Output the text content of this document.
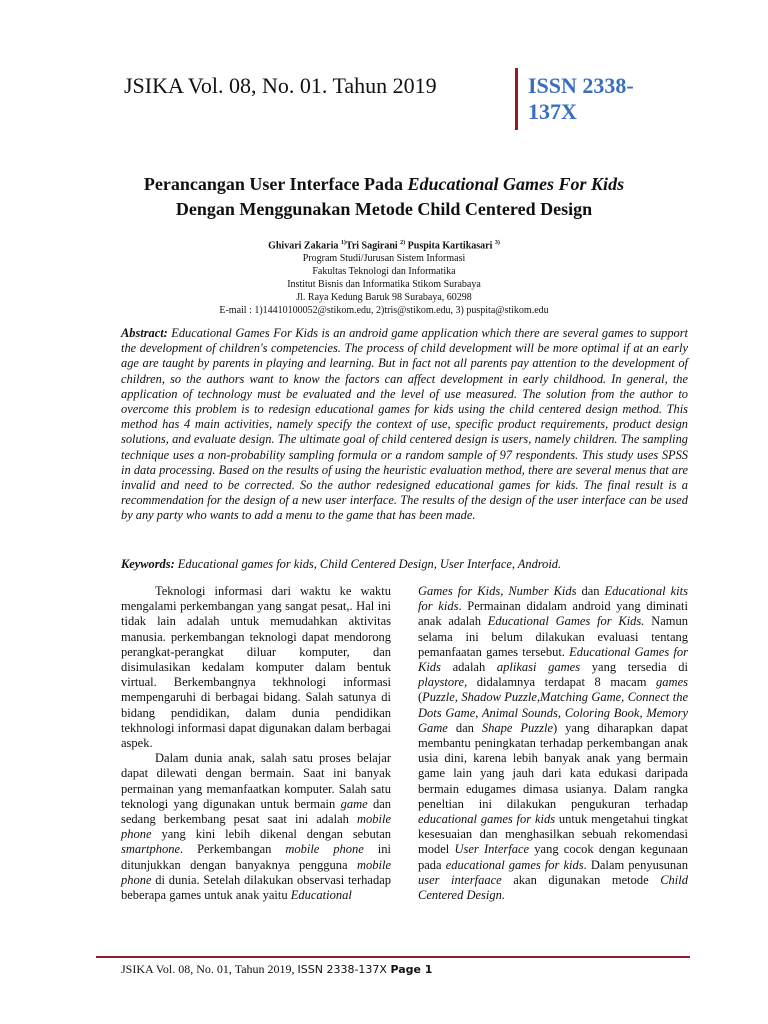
JSIKA Vol. 08, No. 01. Tahun 2019	ISSN 2338-
137X
Perancangan User Interface Pada Educational Games For Kids
Dengan Menggunakan Metode Child Centered Design
Ghivari Zakaria $^{1)}$Tri Sagirani $^{2)}$ Puspita Kartikasari $^{3)}$
Program Studi/Jurusan Sistem Informasi
Fakultas Teknologi dan Informatika
Institut Bisnis dan Informatika Stikom Surabaya
Jl. Raya Kedung Baruk 98 Surabaya, 60298
E-mail : 1)14410100052@stikom.edu, 2)tris@stikom.edu, 3) puspita@stikom.edu
Abstract: Educational Games For Kids is an android game application which there are several games to support the development of children's competencies. The process of child development will be more optimal if at an early age are taught by parents in playing and learning. But in fact not all parents pay attention to the development of children, so the authors want to know the factors can affect development in early childhood. In general, the application of technology must be evaluated and the level of use measured. The solution from the author to overcome this problem is to redesign educational games for kids using the child centered design method. This method has 4 main activities, namely specify the context of use, specific product requirements, product design solutions, and evaluate design. The ultimate goal of child centered design is users, namely children. The sampling technique uses a non-probability sampling formula or a random sample of 97 respondents. This study uses SPSS in data processing. Based on the results of using the heuristic evaluation method, there are several menus that are invalid and need to be corrected. So the author redesigned educational games for kids. The final result is a recommendation for the design of a new user interface. The results of the design of the user interface can be used by any party who wants to add a menu to the game that has been made.
Keywords: Educational games for kids, Child Centered Design, User Interface, Android.

Teknologi informasi dari waktu ke waktu mengalami perkembangan yang sangat pesat,. Hal ini tidak lain adalah untuk memudahkan aktivitas manusia. perkembangan teknologi dapat mendorong perangkat-perangkat diluar komputer, dan disimulasikan kedalam komputer dalam bentuk virtual. Berkembangnya tekhnologi informasi mempengaruhi di berbagai bidang. Salah satunya di bidang pendidikan, dalam dunia pendidikan tekhnologi informasi dapat digunakan dalam berbagai aspek.

Dalam dunia anak, salah satu proses belajar dapat dilewati dengan bermain. Saat ini banyak permainan yang memanfaatkan komputer. Salah satu teknologi yang digunakan untuk bermain game dan sedang berkembang pesat saat ini adalah mobile phone yang kini lebih dikenal dengan sebutan smartphone. Perkembangan mobile phone ini ditunjukkan dengan banyaknya pengguna mobile phone di dunia. Setelah dilakukan observasi terhadap beberapa games untuk anak yaitu Educational

Games for Kids, Number Kids dan Educational kits for kids. Permainan didalam android yang diminati anak adalah Educational Games for Kids. Namun selama ini belum dilakukan evaluasi tentang pemanfaatan games tersebut. Educational Games for Kids adalah aplikasi games yang tersedia di playstore, didalamnya terdapat 8 macam games (Puzzle, Shadow Puzzle,Matching Game, Connect the Dots Game, Animal Sounds, Coloring Book, Memory Game dan Shape Puzzle) yang diharapkan dapat membantu peningkatan terhadap perkembangan anak usia dini, karena lebih banyak anak yang bermain game lain yang jauh dari kata edukasi daripada bermain edugames dimasa usianya. Dalam rangka peneltian ini dilakukan pengukuran terhadap educational games for kids untuk mengetahui tingkat kesesuaian dan menghasilkan sebuah rekomendasi model User Interface yang cocok dengan kegunaan pada educational games for kids. Dalam penyusunan user interfaace akan digunakan metode Child Centered Design.

JSIKA Vol. 08, No. 01, Tahun 2019, ISSN 2338-137X Page 1
